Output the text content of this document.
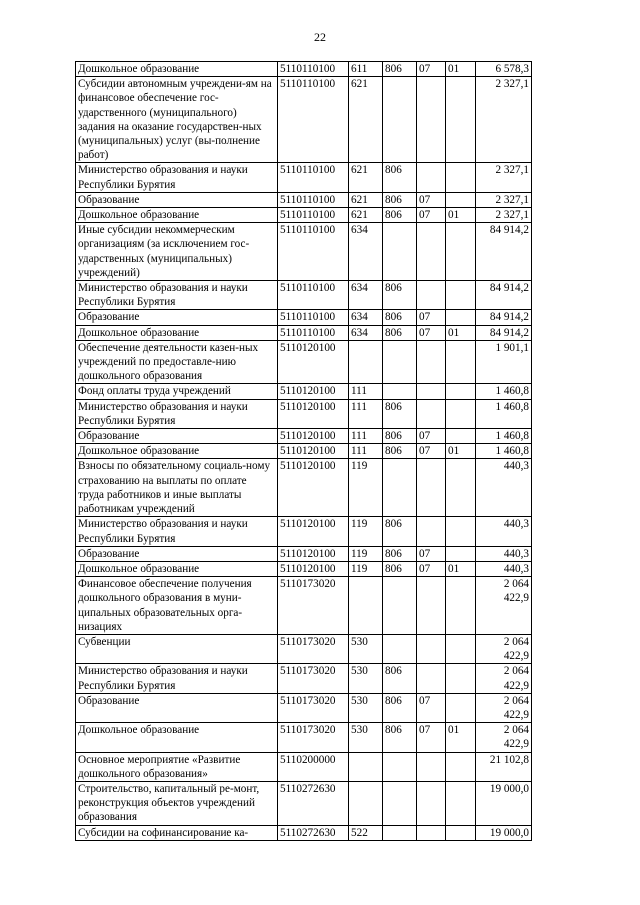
22
Дошкольное образование	5110110100	611	806	07	01	6 578,3
Субсидии автономным учреждени-ям на финансовое обеспечение гос-ударственного (муниципального) задания на оказание государствен-ных (муниципальных) услуг (вы-полнение работ)	5110110100	621				2 327,1
Министерство образования и науки Республики Бурятия	5110110100	621	806			2 327,1
Образование	5110110100	621	806	07		2 327,1
Дошкольное образование	5110110100	621	806	07	01	2 327,1
Иные субсидии некоммерческим организациям (за исключением гос-ударственных (муниципальных) учреждений)	5110110100	634				84 914,2
Министерство образования и науки Республики Бурятия	5110110100	634	806			84 914,2
Образование	5110110100	634	806	07		84 914,2
Дошкольное образование	5110110100	634	806	07	01	84 914,2
Обеспечение деятельности казен-ных учреждений по предоставле-нию дошкольного образования	5110120100					1 901,1
Фонд оплаты труда учреждений	5110120100	111				1 460,8
Министерство образования и науки Республики Бурятия	5110120100	111	806			1 460,8
Образование	5110120100	111	806	07		1 460,8
Дошкольное образование	5110120100	111	806	07	01	1 460,8
Взносы по обязательному социаль-ному страхованию на выплаты по оплате труда работников и иные выплаты работникам учреждений	5110120100	119				440,3
Министерство образования и науки Республики Бурятия	5110120100	119	806			440,3
Образование	5110120100	119	806	07		440,3
Дошкольное образование	5110120100	119	806	07	01	440,3
Финансовое обеспечение получения дошкольного образования в муни-ципальных образовательных орга-низациях	5110173020					2 064 422,9
Субвенции	5110173020	530				2 064 422,9
Министерство образования и науки Республики Бурятия	5110173020	530	806			2 064 422,9
Образование	5110173020	530	806	07		2 064 422,9
Дошкольное образование	5110173020	530	806	07	01	2 064 422,9
Основное мероприятие «Развитие дошкольного образования»	5110200000					21 102,8
Строительство, капитальный ре-монт, реконструкция объектов учреждений образования	5110272630					19 000,0
Субсидии на софинансирование ка-	5110272630	522				19 000,0
